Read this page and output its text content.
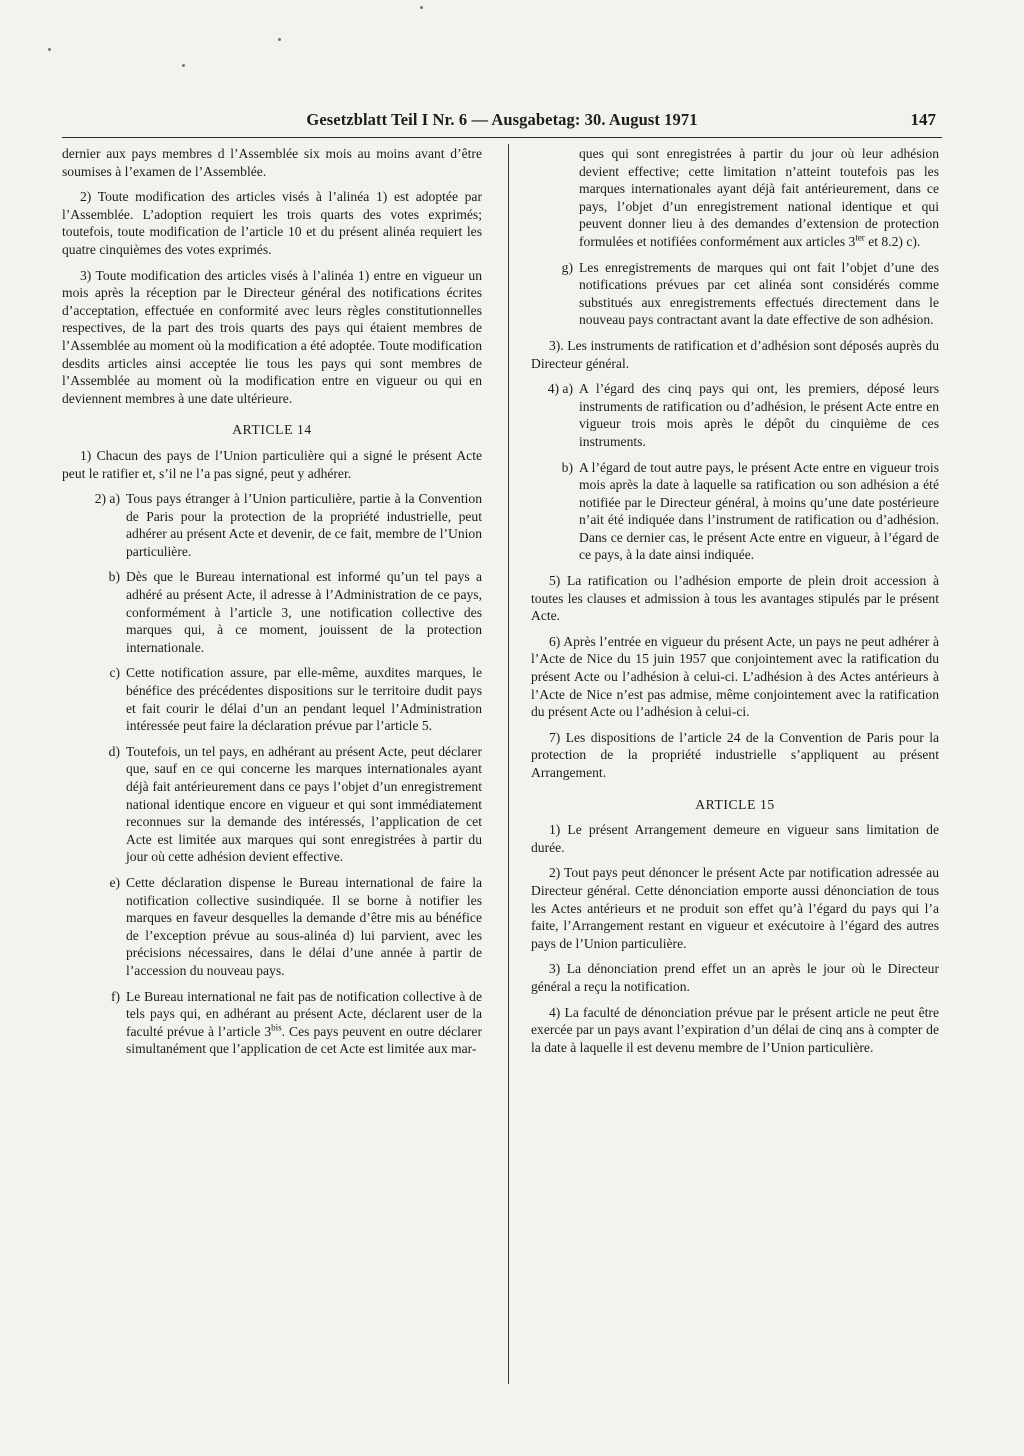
Gesetzblatt Teil I Nr. 6 — Ausgabetag: 30. August 1971	147

dernier aux pays membres d l’Assemblée six mois au moins avant d’être soumises à l’examen de l’Assemblée.

2) Toute modification des articles visés à l’alinéa 1) est adoptée par l’Assemblée. L’adoption requiert les trois quarts des votes exprimés; toutefois, toute modification de l’article 10 et du présent alinéa requiert les quatre cinquièmes des votes exprimés.

3) Toute modification des articles visés à l’alinéa 1) entre en vigueur un mois après la réception par le Directeur général des notifications écrites d’acceptation, effectuée en conformité avec leurs règles constitutionnelles respectives, de la part des trois quarts des pays qui étaient membres de l’Assemblée au moment où la modification a été adoptée. Toute modification desdits articles ainsi acceptée lie tous les pays qui sont membres de l’Assemblée au moment où la modification entre en vigueur ou qui en deviennent membres à une date ultérieure.

ARTICLE 14

1) Chacun des pays de l’Union particulière qui a signé le présent Acte peut le ratifier et, s’il ne l’a pas signé, peut y adhérer.

2) a) Tous pays étranger à l’Union particulière, partie à la Convention de Paris pour la protection de la propriété industrielle, peut adhérer au présent Acte et devenir, de ce fait, membre de l’Union particulière.
b) Dès que le Bureau international est informé qu’un tel pays a adhéré au présent Acte, il adresse à l’Administration de ce pays, conformément à l’article 3, une notification collective des marques qui, à ce moment, jouissent de la protection internationale.
c) Cette notification assure, par elle-même, auxdites marques, le bénéfice des précédentes dispositions sur le territoire dudit pays et fait courir le délai d’un an pendant lequel l’Administration intéressée peut faire la déclaration prévue par l’article 5.
d) Toutefois, un tel pays, en adhérant au présent Acte, peut déclarer que, sauf en ce qui concerne les marques internationales ayant déjà fait antérieurement dans ce pays l’objet d’un enregistrement national identique encore en vigueur et qui sont immédiatement reconnues sur la demande des intéressés, l’application de cet Acte est limitée aux marques qui sont enregistrées à partir du jour où cette adhésion devient effective.
e) Cette déclaration dispense le Bureau international de faire la notification collective susindiquée. Il se borne à notifier les marques en faveur desquelles la demande d’être mis au bénéfice de l’exception prévue au sous-alinéa d) lui parvient, avec les précisions nécessaires, dans le délai d’une année à partir de l’accession du nouveau pays.
f) Le Bureau international ne fait pas de notification collective à de tels pays qui, en adhérant au présent Acte, déclarent user de la faculté prévue à l’article $3^{bis}$. Ces pays peuvent en outre déclarer simultanément que l’application de cet Acte est limitée aux mar-
ques qui sont enregistrées à partir du jour où leur adhésion devient effective; cette limitation n’atteint toutefois pas les marques internationales ayant déjà fait antérieurement, dans ce pays, l’objet d’un enregistrement national identique et qui peuvent donner lieu à des demandes d’extension de protection formulées et notifiées conformément aux articles $3^{ter}$ et 8.2) c).
g) Les enregistrements de marques qui ont fait l’objet d’une des notifications prévues par cet alinéa sont considérés comme substitués aux enregistrements effectués directement dans le nouveau pays contractant avant la date effective de son adhésion.

3). Les instruments de ratification et d’adhésion sont déposés auprès du Directeur général.

4) a) A l’égard des cinq pays qui ont, les premiers, déposé leurs instruments de ratification ou d’adhésion, le présent Acte entre en vigueur trois mois après le dépôt du cinquième de ces instruments.
b) A l’égard de tout autre pays, le présent Acte entre en vigueur trois mois après la date à laquelle sa ratification ou son adhésion a été notifiée par le Directeur général, à moins qu’une date postérieure n’ait été indiquée dans l’instrument de ratification ou d’adhésion. Dans ce dernier cas, le présent Acte entre en vigueur, à l’égard de ce pays, à la date ainsi indiquée.

5) La ratification ou l’adhésion emporte de plein droit accession à toutes les clauses et admission à tous les avantages stipulés par le présent Acte.

6) Après l’entrée en vigueur du présent Acte, un pays ne peut adhérer à l’Acte de Nice du 15 juin 1957 que conjointement avec la ratification du présent Acte ou l’adhésion à celui-ci. L’adhésion à des Actes antérieurs à l’Acte de Nice n’est pas admise, même conjointement avec la ratification du présent Acte ou l’adhésion à celui-ci.

7) Les dispositions de l’article 24 de la Convention de Paris pour la protection de la propriété industrielle s’appliquent au présent Arrangement.

ARTICLE 15

1) Le présent Arrangement demeure en vigueur sans limitation de durée.

2) Tout pays peut dénoncer le présent Acte par notification adressée au Directeur général. Cette dénonciation emporte aussi dénonciation de tous les Actes antérieurs et ne produit son effet qu’à l’égard du pays qui l’a faite, l’Arrangement restant en vigueur et exécutoire à l’égard des autres pays de l’Union particulière.

3) La dénonciation prend effet un an après le jour où le Directeur général a reçu la notification.

4) La faculté de dénonciation prévue par le présent article ne peut être exercée par un pays avant l’expiration d’un délai de cinq ans à compter de la date à laquelle il est devenu membre de l’Union particulière.
